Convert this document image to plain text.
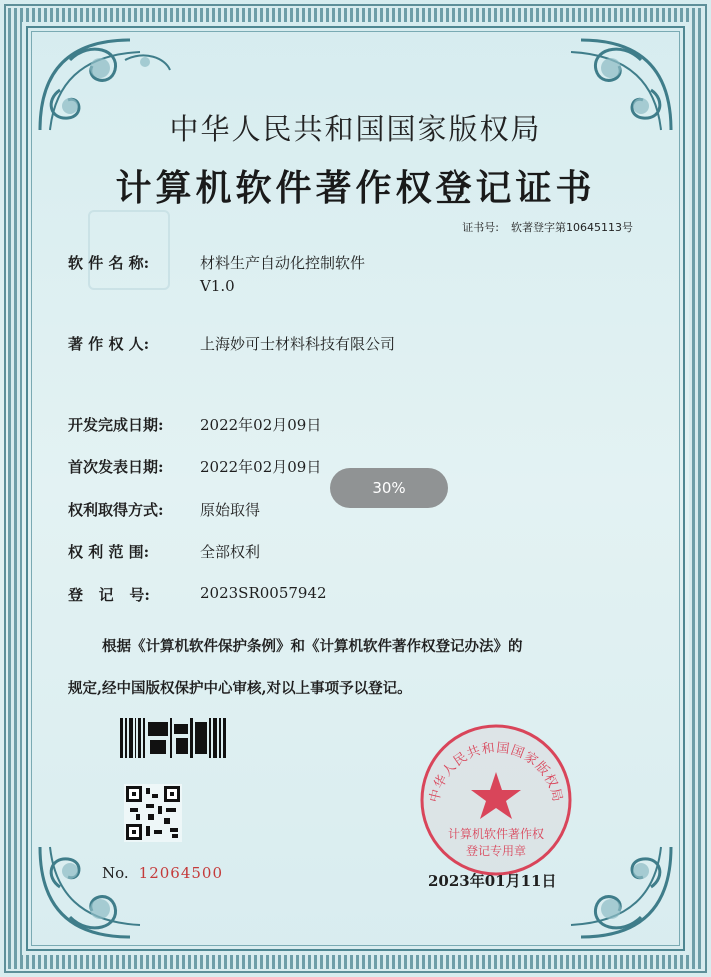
中华人民共和国国家版权局
计算机软件著作权登记证书
证书号: 软著登字第10645113号
软 件 名 称:	材料生产自动化控制软件
V1.0
著 作 权 人:	上海妙可士材料科技有限公司
开发完成日期: 2022年02月09日
首次发表日期: 2022年02月09日
权利取得方式: 原始取得
权 利 范 围:	全部权利
登   记   号:	2023SR0057942
根据《计算机软件保护条例》和《计算机软件著作权登记办法》的
规定,经中国版权保护中心审核,对以上事项予以登记。
No. 12064500
中华人民共和国国家版权局
计算机软件著作权
登记专用章
2023年01月11日
30%
